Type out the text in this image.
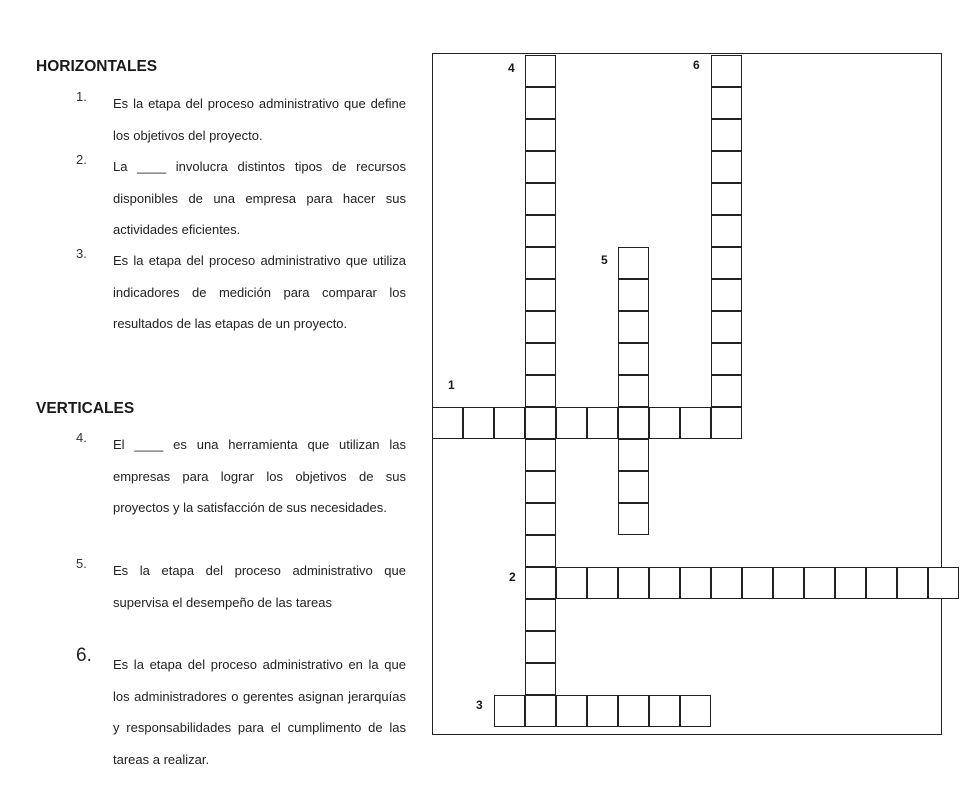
HORIZONTALES
1.	Es la etapa del proceso administrativo que define los objetivos del proyecto.
2.	La ____ involucra distintos tipos de recursos disponibles de una empresa para hacer sus actividades eficientes.
3.	Es la etapa del proceso administrativo que utiliza indicadores de medición para comparar los resultados de las etapas de un proyecto.
VERTICALES
4.	El ____ es una herramienta que utilizan las empresas para lograr los objetivos de sus proyectos y la satisfacción de sus necesidades.
5.	Es la etapa del proceso administrativo que supervisa el desempeño de las tareas
6.	Es la etapa del proceso administrativo en la que los administradores o gerentes asignan jerarquías y responsabilidades para el cumplimento de las tareas a realizar.
1
2
3
4
5
6
